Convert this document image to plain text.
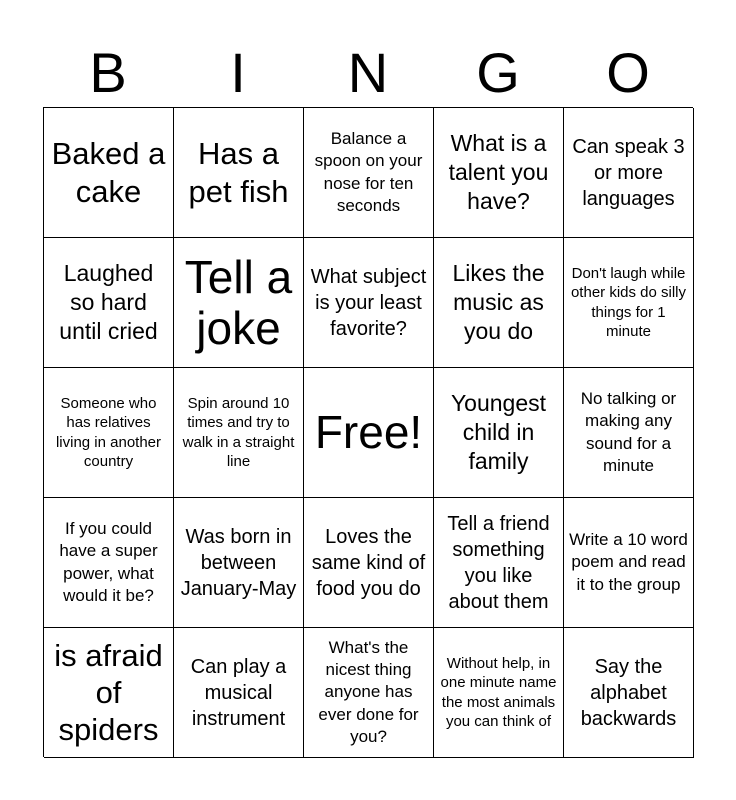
B	I	N	G	O
Baked a cake
Has a pet fish
Balance a spoon on your nose for ten seconds
What is a talent you have?
Can speak 3 or more languages
Laughed so hard until cried
Tell a joke
What subject is your least favorite?
Likes the music as you do
Don't laugh while other kids do silly things for 1 minute
Someone who has relatives living in another country
Spin around 10 times and try to walk in a straight line
Free!
Youngest child in family
No talking or making any sound for a minute
If you could have a super power, what would it be?
Was born in between January-May
Loves the same kind of food you do
Tell a friend something you like about them
Write a 10 word poem and read it to the group
is afraid of spiders
Can play a musical instrument
What's the nicest thing anyone has ever done for you?
Without help, in one minute name the most animals you can think of
Say the alphabet backwards
